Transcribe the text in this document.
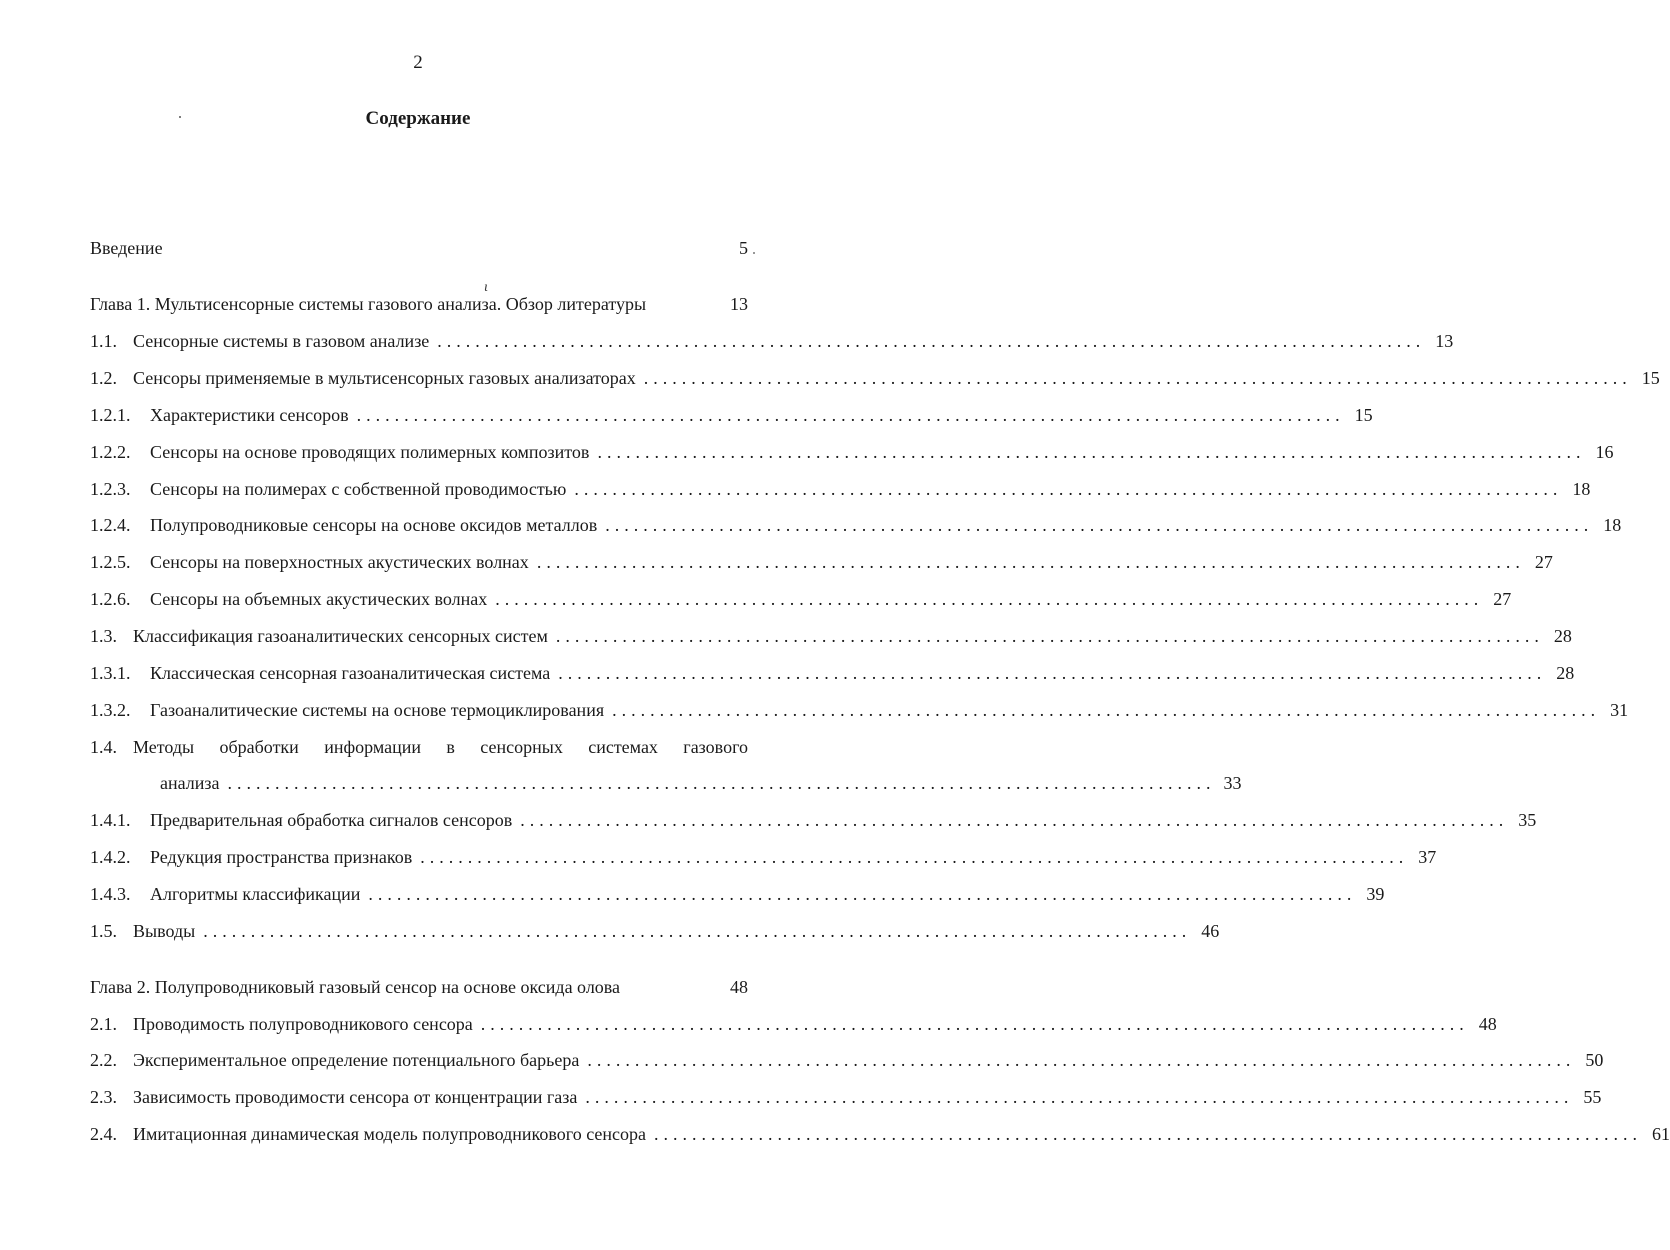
2
Содержание
ι
Введение	5
Глава 1. Мультисенсорные системы газового анализа. Обзор литературы	13
1.1. Сенсорные системы в газовом анализе ........................................................................................................ 13
1.2. Сенсоры применяемые в мультисенсорных газовых анализаторах ........................................................................................................ 15
1.2.1.	Характеристики сенсоров ........................................................................................................ 15
1.2.2.	Сенсоры на основе проводящих полимерных композитов ........................................................................................................ 16
1.2.3.	Сенсоры на полимерах с собственной проводимостью ........................................................................................................ 18
1.2.4.	Полупроводниковые сенсоры на основе оксидов металлов ........................................................................................................ 18
1.2.5.	Сенсоры на поверхностных акустических волнах ........................................................................................................ 27
1.2.6.	Сенсоры на объемных акустических волнах ........................................................................................................ 27
1.3. Классификация газоаналитических сенсорных систем ........................................................................................................ 28
1.3.1.	Классическая сенсорная газоаналитическая система ........................................................................................................ 28
1.3.2.	Газоаналитические системы на основе термоциклирования ........................................................................................................ 31
1.4. Методы обработки информации в сенсорных системах газового
анализа ........................................................................................................ 33
1.4.1.	Предварительная обработка сигналов сенсоров ........................................................................................................ 35
1.4.2.	Редукция пространства признаков ........................................................................................................ 37
1.4.3.	Алгоритмы классификации ........................................................................................................ 39
1.5. Выводы ........................................................................................................ 46
Глава 2. Полупроводниковый газовый сенсор на основе оксида олова	48
2.1. Проводимость полупроводникового сенсора ........................................................................................................ 48
2.2. Экспериментальное определение потенциального барьера ........................................................................................................ 50
2.3. Зависимость проводимости сенсора от концентрации газа ........................................................................................................ 55
2.4. Имитационная динамическая модель полупроводникового сенсора ........................................................................................................ 61
